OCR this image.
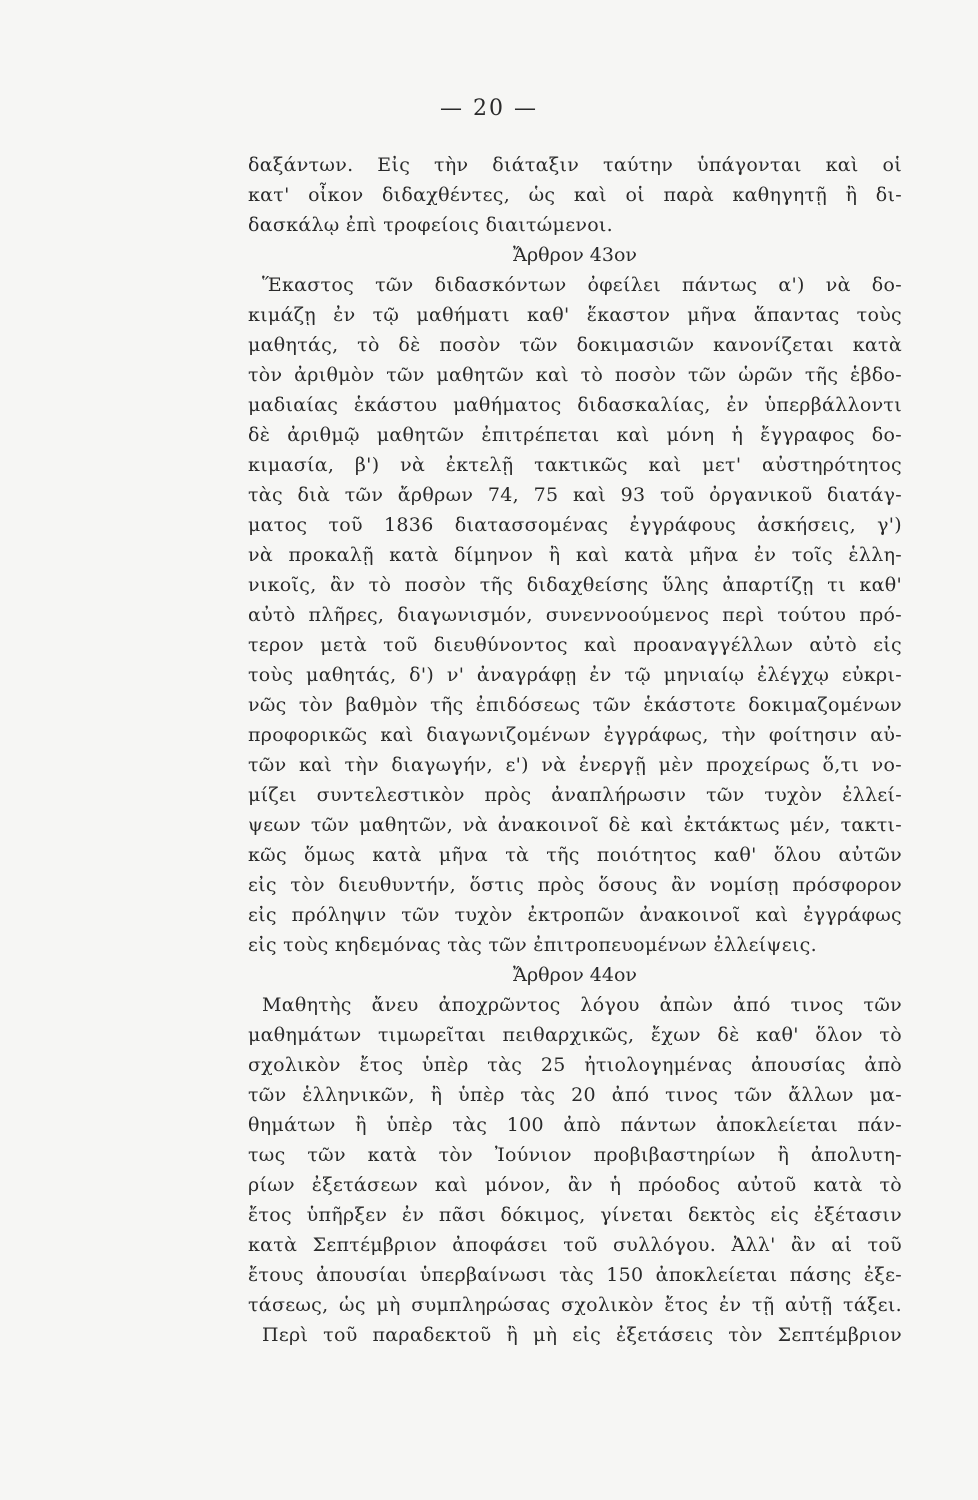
— 20 —
δαξάντων. Εἰς τὴν διάταξιν ταύτην ὑπάγονται καὶ οἱ
κατ' οἶκον διδαχθέντες, ὡς καὶ οἱ παρὰ καθηγητῇ ἢ δι-
δασκάλῳ ἐπὶ τροφείοις διαιτώμενοι.
Ἄρθρον 43ον
Ἕκαστος τῶν διδασκόντων ὀφείλει πάντως α') νὰ δο-
κιμάζῃ ἐν τῷ μαθήματι καθ' ἕκαστον μῆνα ἅπαντας τοὺς
μαθητάς, τὸ δὲ ποσὸν τῶν δοκιμασιῶν κανονίζεται κατὰ
τὸν ἀριθμὸν τῶν μαθητῶν καὶ τὸ ποσὸν τῶν ὡρῶν τῆς ἑβδο-
μαδιαίας ἑκάστου μαθήματος διδασκαλίας, ἐν ὑπερβάλλοντι
δὲ ἀριθμῷ μαθητῶν ἐπιτρέπεται καὶ μόνη ἡ ἔγγραφος δο-
κιμασία, β') νὰ ἐκτελῇ τακτικῶς καὶ μετ' αὐστηρότητος
τὰς διὰ τῶν ἄρθρων 74, 75 καὶ 93 τοῦ ὀργανικοῦ διατάγ-
ματος τοῦ 1836 διατασσομένας ἐγγράφους ἀσκήσεις, γ')
νὰ προκαλῇ κατὰ δίμηνον ἢ καὶ κατὰ μῆνα ἐν τοῖς ἑλλη-
νικοῖς, ἂν τὸ ποσὸν τῆς διδαχθείσης ὕλης ἀπαρτίζῃ τι καθ'
αὐτὸ πλῆρες, διαγωνισμόν, συνεννοούμενος περὶ τούτου πρό-
τερον μετὰ τοῦ διευθύνοντος καὶ προαναγγέλλων αὐτὸ εἰς
τοὺς μαθητάς, δ') ν' ἀναγράφῃ ἐν τῷ μηνιαίῳ ἐλέγχῳ εὐκρι-
νῶς τὸν βαθμὸν τῆς ἐπιδόσεως τῶν ἑκάστοτε δοκιμαζομένων
προφορικῶς καὶ διαγωνιζομένων ἐγγράφως, τὴν φοίτησιν αὐ-
τῶν καὶ τὴν διαγωγήν, ε') νὰ ἐνεργῇ μὲν προχείρως ὅ,τι νο-
μίζει συντελεστικὸν πρὸς ἀναπλήρωσιν τῶν τυχὸν ἐλλεί-
ψεων τῶν μαθητῶν, νὰ ἀνακοινοῖ δὲ καὶ ἐκτάκτως μέν, τακτι-
κῶς ὅμως κατὰ μῆνα τὰ τῆς ποιότητος καθ' ὅλου αὐτῶν
εἰς τὸν διευθυντήν, ὅστις πρὸς ὅσους ἂν νομίσῃ πρόσφορον
εἰς πρόληψιν τῶν τυχὸν ἐκτροπῶν ἀνακοινοῖ καὶ ἐγγράφως
εἰς τοὺς κηδεμόνας τὰς τῶν ἐπιτροπευομένων ἐλλείψεις.
Ἄρθρον 44ον
Μαθητὴς ἄνευ ἀποχρῶντος λόγου ἀπὼν ἀπό τινος τῶν
μαθημάτων τιμωρεῖται πειθαρχικῶς, ἔχων δὲ καθ' ὅλον τὸ
σχολικὸν ἔτος ὑπὲρ τὰς 25 ἠτιολογημένας ἀπουσίας ἀπὸ
τῶν ἑλληνικῶν, ἢ ὑπὲρ τὰς 20 ἀπό τινος τῶν ἄλλων μα-
θημάτων ἢ ὑπὲρ τὰς 100 ἀπὸ πάντων ἀποκλείεται πάν-
τως τῶν κατὰ τὸν Ἰούνιον προβιβαστηρίων ἢ ἀπολυτη-
ρίων ἐξετάσεων καὶ μόνον, ἂν ἡ πρόοδος αὐτοῦ κατὰ τὸ
ἔτος ὑπῆρξεν ἐν πᾶσι δόκιμος, γίνεται δεκτὸς εἰς ἐξέτασιν
κατὰ Σεπτέμβριον ἀποφάσει τοῦ συλλόγου. Ἀλλ' ἂν αἱ τοῦ
ἔτους ἀπουσίαι ὑπερβαίνωσι τὰς 150 ἀποκλείεται πάσης ἐξε-
τάσεως, ὡς μὴ συμπληρώσας σχολικὸν ἔτος ἐν τῇ αὐτῇ τάξει.
Περὶ τοῦ παραδεκτοῦ ἢ μὴ εἰς ἐξετάσεις τὸν Σεπτέμβριον
